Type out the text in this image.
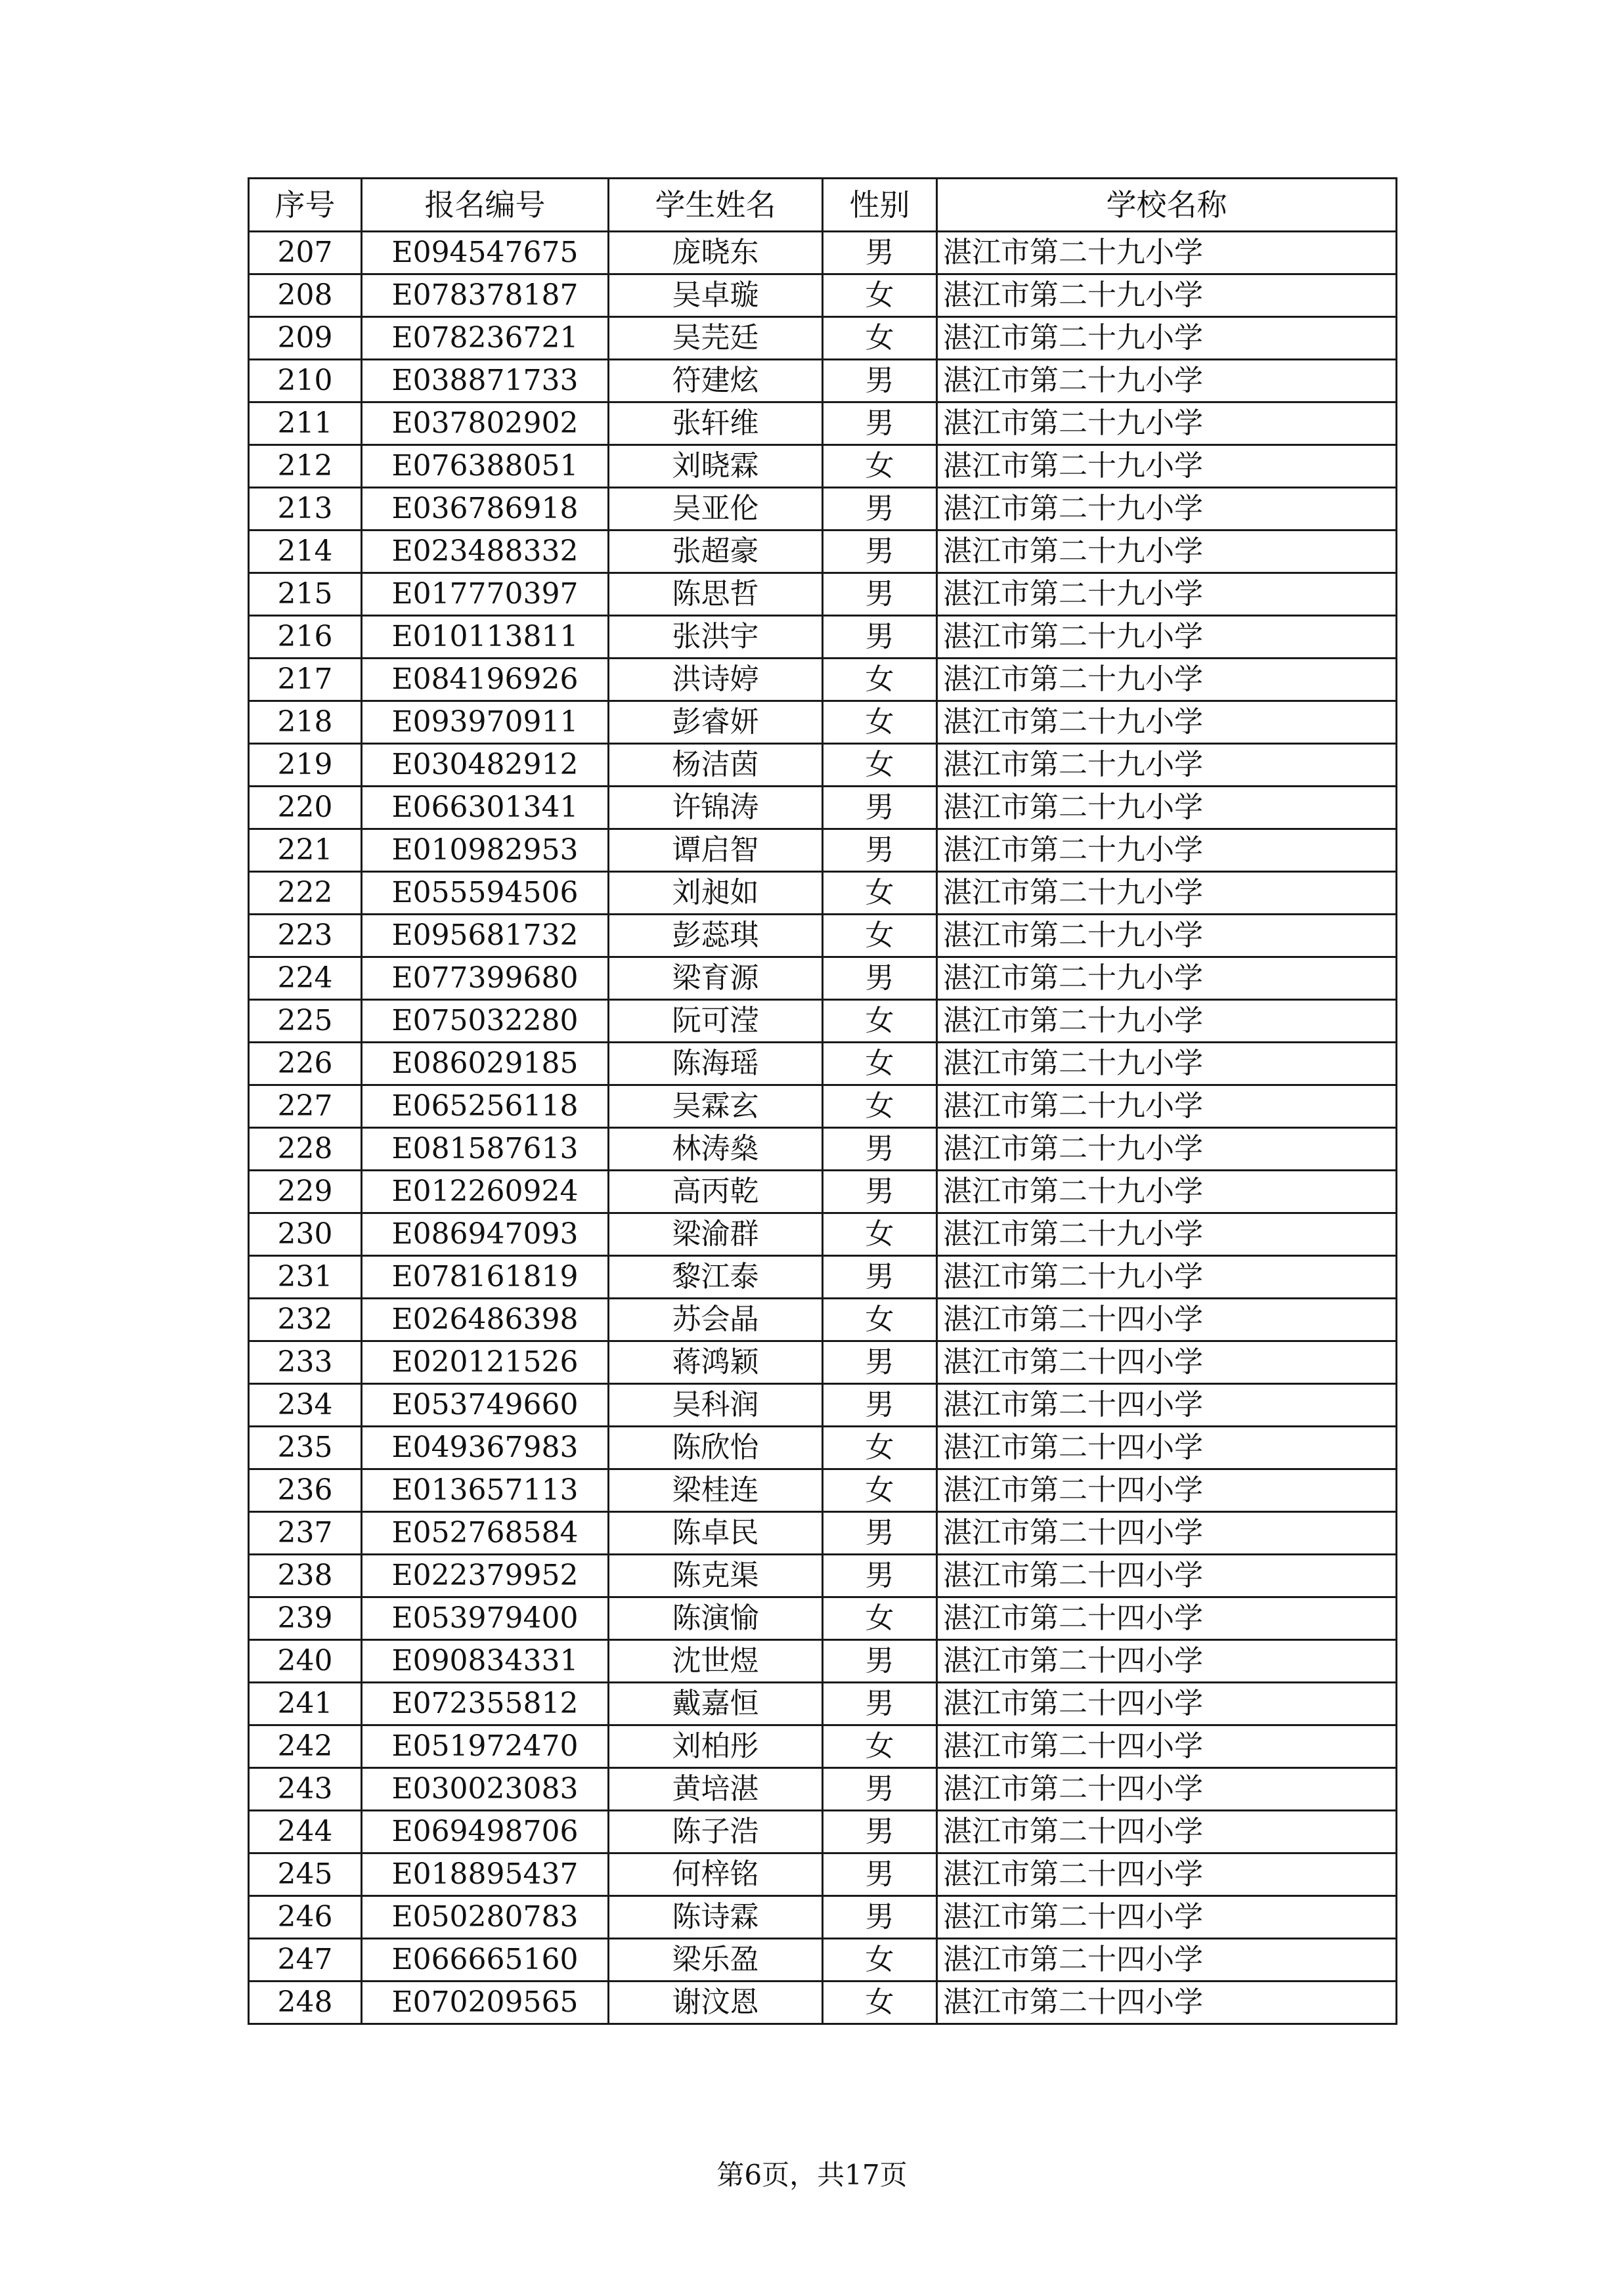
序号	报名编号	学生姓名	性别	学校名称
207	E094547675	庞晓东	男	湛江市第二十九小学
208	E078378187	吴卓璇	女	湛江市第二十九小学
209	E078236721	吴芫廷	女	湛江市第二十九小学
210	E038871733	符建炫	男	湛江市第二十九小学
211	E037802902	张轩维	男	湛江市第二十九小学
212	E076388051	刘晓霖	女	湛江市第二十九小学
213	E036786918	吴亚伦	男	湛江市第二十九小学
214	E023488332	张超豪	男	湛江市第二十九小学
215	E017770397	陈思哲	男	湛江市第二十九小学
216	E010113811	张洪宇	男	湛江市第二十九小学
217	E084196926	洪诗婷	女	湛江市第二十九小学
218	E093970911	彭睿妍	女	湛江市第二十九小学
219	E030482912	杨洁茵	女	湛江市第二十九小学
220	E066301341	许锦涛	男	湛江市第二十九小学
221	E010982953	谭启智	男	湛江市第二十九小学
222	E055594506	刘昶如	女	湛江市第二十九小学
223	E095681732	彭蕊琪	女	湛江市第二十九小学
224	E077399680	梁育源	男	湛江市第二十九小学
225	E075032280	阮可滢	女	湛江市第二十九小学
226	E086029185	陈海瑶	女	湛江市第二十九小学
227	E065256118	吴霖玄	女	湛江市第二十九小学
228	E081587613	林涛燊	男	湛江市第二十九小学
229	E012260924	高丙乾	男	湛江市第二十九小学
230	E086947093	梁渝群	女	湛江市第二十九小学
231	E078161819	黎江泰	男	湛江市第二十九小学
232	E026486398	苏会晶	女	湛江市第二十四小学
233	E020121526	蒋鸿颖	男	湛江市第二十四小学
234	E053749660	吴科润	男	湛江市第二十四小学
235	E049367983	陈欣怡	女	湛江市第二十四小学
236	E013657113	梁桂连	女	湛江市第二十四小学
237	E052768584	陈卓民	男	湛江市第二十四小学
238	E022379952	陈克渠	男	湛江市第二十四小学
239	E053979400	陈演愉	女	湛江市第二十四小学
240	E090834331	沈世煜	男	湛江市第二十四小学
241	E072355812	戴嘉恒	男	湛江市第二十四小学
242	E051972470	刘柏彤	女	湛江市第二十四小学
243	E030023083	黄培湛	男	湛江市第二十四小学
244	E069498706	陈子浩	男	湛江市第二十四小学
245	E018895437	何梓铭	男	湛江市第二十四小学
246	E050280783	陈诗霖	男	湛江市第二十四小学
247	E066665160	梁乐盈	女	湛江市第二十四小学
248	E070209565	谢汶恩	女	湛江市第二十四小学
第6页，共17页
